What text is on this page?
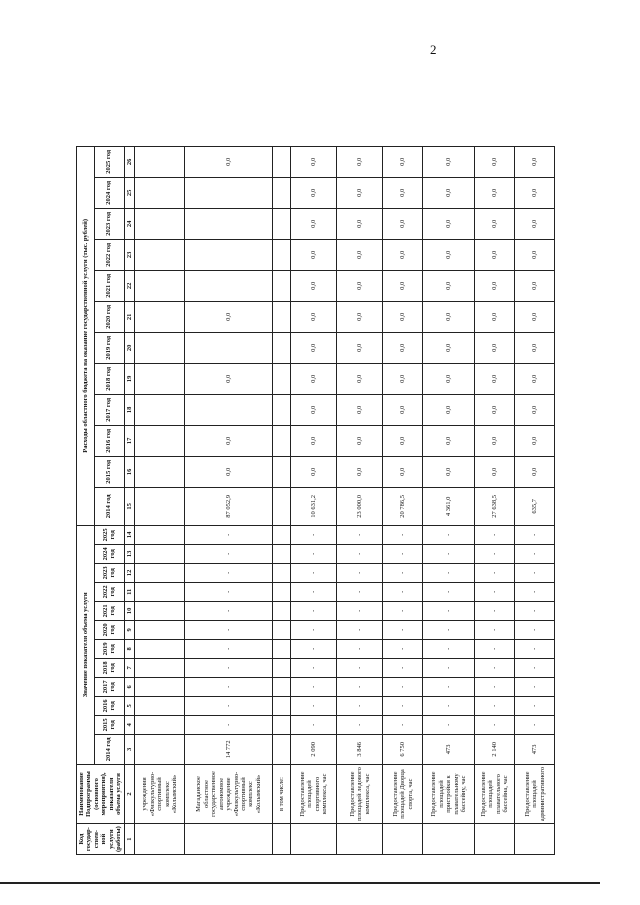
2
Код государ-ствен-ной услуги (работы)	Наименование Подпрограммы (основного мероприятия), показателя объема услуги	Значение показателя объема услуги												Расходы областного бюджета на оказание государственной услуги (тыс. рублей)											
		2014 год	2015 год	2016 год	2017 год	2018 год	2019 год	2020 год	2021 год	2022 год	2023 год	2024 год	2025 год	2014 год	2015 год	2016 год	2017 год	2018 год	2019 год	2020 год	2021 год	2022 год	2023 год	2024 год	2025 год
1	2	3	4	5	6	7	8	9	10	11	12	13	14	15	16	17	18	19	20	21	22	23	24	25	26
	учреждения «Физкультурно-спортивный комплекс «Колымский»																								
	Магаданское областное государственное автономное учреждение «Физкультурно-спортивный комплекс «Колымский»	14 772	-	-	-	-	-	-	-	-	-	-	-	87 052,9	0,0	0,0		0,0		0,0					0,0
	в том числе:																								
	Предоставление площадей спортивного комплекса, час	2 090	-	-	-	-	-	-	-	-	-	-	-	10 631,2	0,0	0,0	0,0	0,0	0,0	0,0	0,0	0,0	0,0	0,0	0,0
	Предоставление площадей ледового комплекса, час	3 846	-	-	-	-	-	-	-	-	-	-	-	23 000,0	0,0	0,0	0,0	0,0	0,0	0,0	0,0	0,0	0,0	0,0	0,0
	Предоставление площадей Дворца спорта, час	6 750	-	-	-	-	-	-	-	-	-	-	-	20 786,5	0,0	0,0	0,0	0,0	0,0	0,0	0,0	0,0	0,0	0,0	0,0
	Предоставление площадей пристройки к плавательному бассейну, час	473	-	-	-	-	-	-	-	-	-	-	-	4 361,0	0,0	0,0	0,0	0,0	0,0	0,0	0,0	0,0	0,0	0,0	0,0
	Предоставление площадей плавательного бассейна, час	2 140	-	-	-	-	-	-	-	-	-	-	-	27 638,5	0,0	0,0	0,0	0,0	0,0	0,0	0,0	0,0	0,0	0,0	0,0
	Предоставление площадей административного	473	-	-	-	-	-	-	-	-	-	-	-	635,7	0,0	0,0	0,0	0,0	0,0	0,0	0,0	0,0	0,0	0,0	0,0
